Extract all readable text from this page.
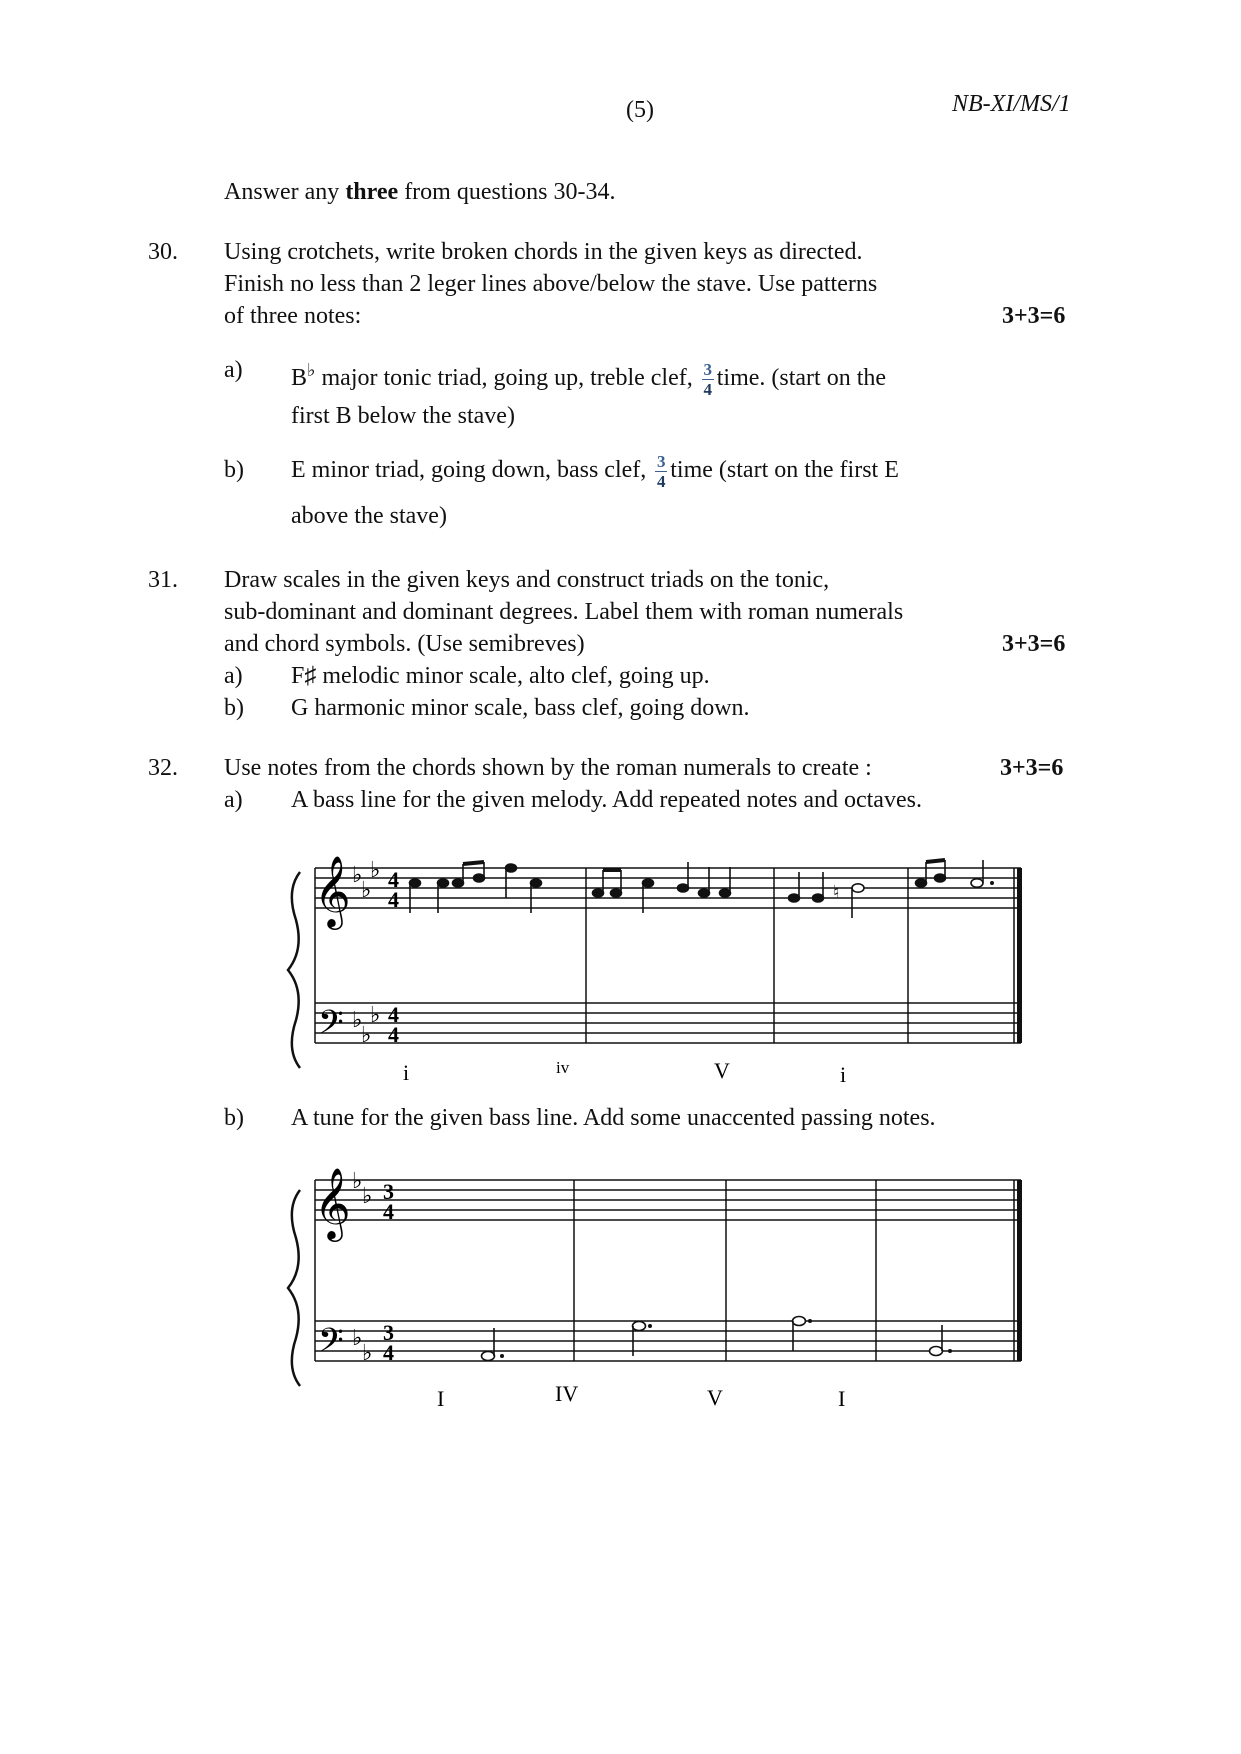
(5)	NB-XI/MS/1
Answer any three from questions 30-34.
30. Using crotchets, write broken chords in the given keys as directed.
Finish no less than 2 leger lines above/below the stave. Use patterns
of three notes:	3+3=6
a) B♭ major tonic triad, going up, treble clef, $\frac{3}{4}$ time. (start on the
first B below the stave)
b) E minor triad, going down, bass clef, $\frac{3}{4}$ time (start on the first E
above the stave)
31. Draw scales in the given keys and construct triads on the tonic,
sub-dominant and dominant degrees. Label them with roman numerals
and chord symbols. (Use semibreves)	3+3=6
a) F♯ melodic minor scale, alto clef, going up.
b) G harmonic minor scale, bass clef, going down.
32. Use notes from the chords shown by the roman numerals to create :	3+3=6
a) A bass line for the given melody. Add repeated notes and octaves.
𝄞
𝄢
♭
♭
♭
♭
♭
♭
4
4
4
4
♮
i	iv	V	i
b) A tune for the given bass line. Add some unaccented passing notes.
𝄞
𝄢
♭
♭
♭
♭
3
4
3
4
I	IV	V	I
